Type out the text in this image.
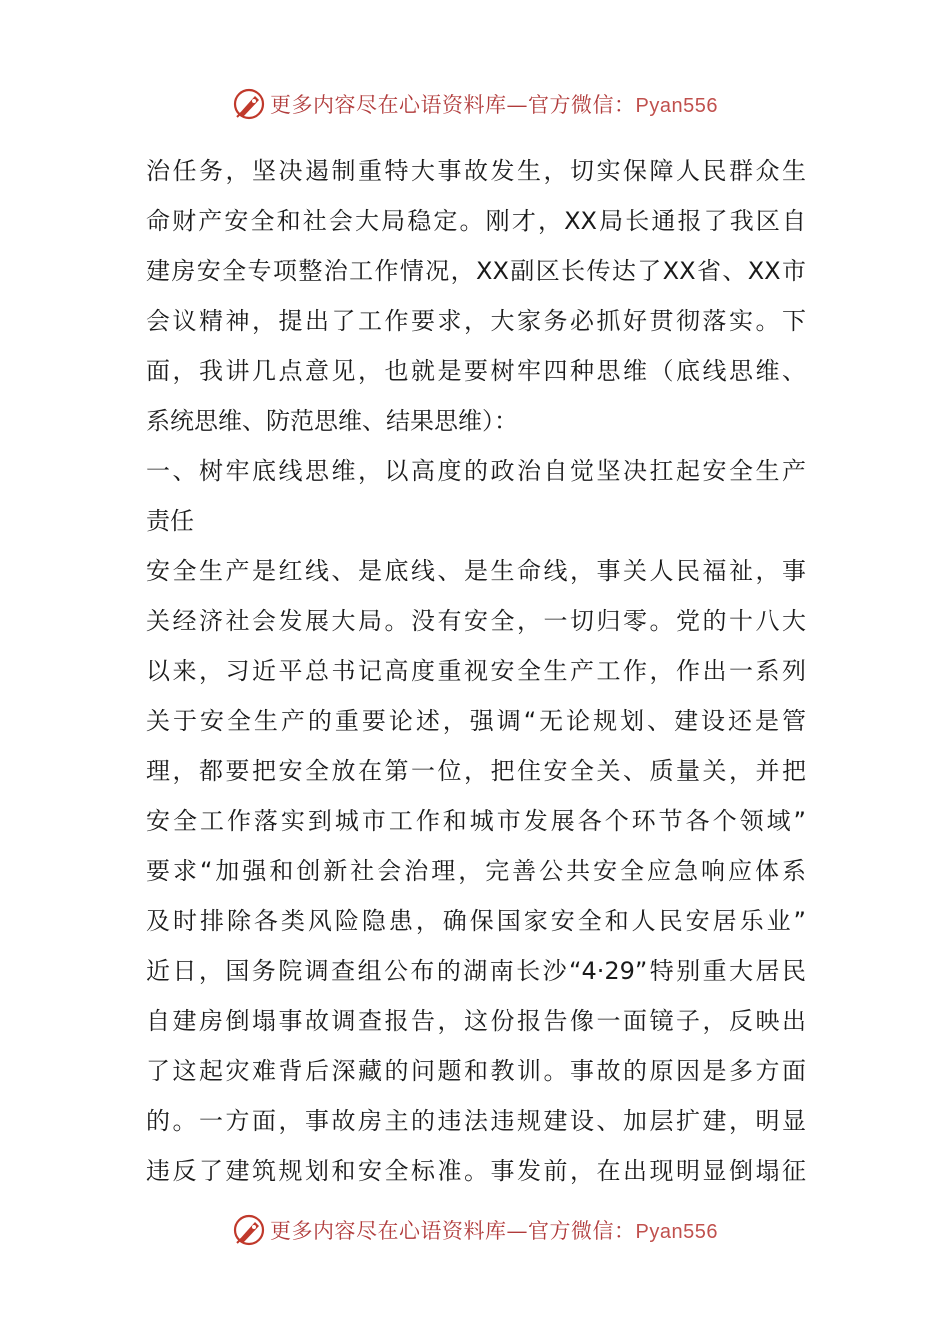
更多内容尽在心语资料库—官方微信：Pyan556
治任务，坚决遏制重特大事故发生，切实保障人民群众生
命财产安全和社会大局稳定。刚才，XX局长通报了我区自
建房安全专项整治工作情况，XX副区长传达了XX省、XX市
会议精神，提出了工作要求，大家务必抓好贯彻落实。下
面，我讲几点意见，也就是要树牢四种思维（底线思维、
系统思维、防范思维、结果思维）：
一、树牢底线思维，以高度的政治自觉坚决扛起安全生产
责任
安全生产是红线、是底线、是生命线，事关人民福祉，事
关经济社会发展大局。没有安全，一切归零。党的十八大
以来，习近平总书记高度重视安全生产工作，作出一系列
关于安全生产的重要论述，强调“无论规划、建设还是管
理，都要把安全放在第一位，把住安全关、质量关，并把
安全工作落实到城市工作和城市发展各个环节各个领域”
要求“加强和创新社会治理，完善公共安全应急响应体系
及时排除各类风险隐患，确保国家安全和人民安居乐业”
近日，国务院调查组公布的湖南长沙“4·29”特别重大居民
自建房倒塌事故调查报告，这份报告像一面镜子，反映出
了这起灾难背后深藏的问题和教训。事故的原因是多方面
的。一方面，事故房主的违法违规建设、加层扩建，明显
违反了建筑规划和安全标准。事发前，在出现明显倒塌征
更多内容尽在心语资料库—官方微信：Pyan556
